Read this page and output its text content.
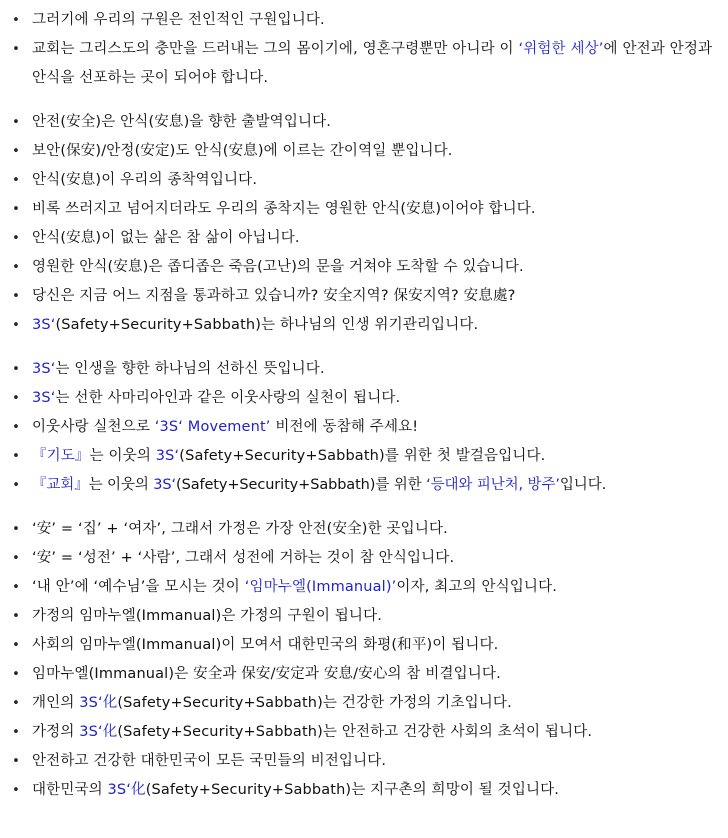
• 그러기에 우리의 구원은 전인적인 구원입니다.
• 교회는 그리스도의 충만을 드러내는 그의 몸이기에, 영혼구령뿐만 아니라 이 ‘위험한 세상’에 안전과 안정과 안식을 선포하는 곳이 되어야 합니다.
• 안전(安全)은 안식(安息)을 향한 출발역입니다.
• 보안(保安)/안정(安定)도 안식(安息)에 이르는 간이역일 뿐입니다.
• 안식(安息)이 우리의 종착역입니다.
• 비록 쓰러지고 넘어지더라도 우리의 종착지는 영원한 안식(安息)이어야 합니다.
• 안식(安息)이 없는 삶은 참 삶이 아닙니다.
• 영원한 안식(安息)은 좁디좁은 죽음(고난)의 문을 거쳐야 도착할 수 있습니다.
• 당신은 지금 어느 지점을 통과하고 있습니까? 安全지역? 保安지역? 安息處?
• 3S‘(Safety+Security+Sabbath)는 하나님의 인생 위기관리입니다.
• 3S‘는 인생을 향한 하나님의 선하신 뜻입니다.
• 3S‘는 선한 사마리아인과 같은 이웃사랑의 실천이 됩니다.
• 이웃사랑 실천으로 ‘3S‘ Movement’ 비전에 동참해 주세요!
• 『기도』는 이웃의 3S‘(Safety+Security+Sabbath)를 위한 첫 발걸음입니다.
• 『교회』는 이웃의 3S‘(Safety+Security+Sabbath)를 위한 ‘등대와 피난처, 방주’입니다.
• ‘安’ = ‘집’ + ‘여자’, 그래서 가정은 가장 안전(安全)한 곳입니다.
• ‘安’ = ‘성전’ + ‘사람’, 그래서 성전에 거하는 것이 참 안식입니다.
• ‘내 안’에 ‘예수님’을 모시는 것이 ‘임마누엘(Immanual)’이자, 최고의 안식입니다.
• 가정의 임마누엘(Immanual)은 가정의 구원이 됩니다.
• 사회의 임마누엘(Immanual)이 모여서 대한민국의 화평(和平)이 됩니다.
• 임마누엘(Immanual)은 安全과 保安/安定과 安息/安心의 참 비결입니다.
• 개인의 3S‘化(Safety+Security+Sabbath)는 건강한 가정의 기초입니다.
• 가정의 3S‘化(Safety+Security+Sabbath)는 안전하고 건강한 사회의 초석이 됩니다.
• 안전하고 건강한 대한민국이 모든 국민들의 비전입니다.
• 대한민국의 3S‘化(Safety+Security+Sabbath)는 지구촌의 희망이 될 것입니다.
